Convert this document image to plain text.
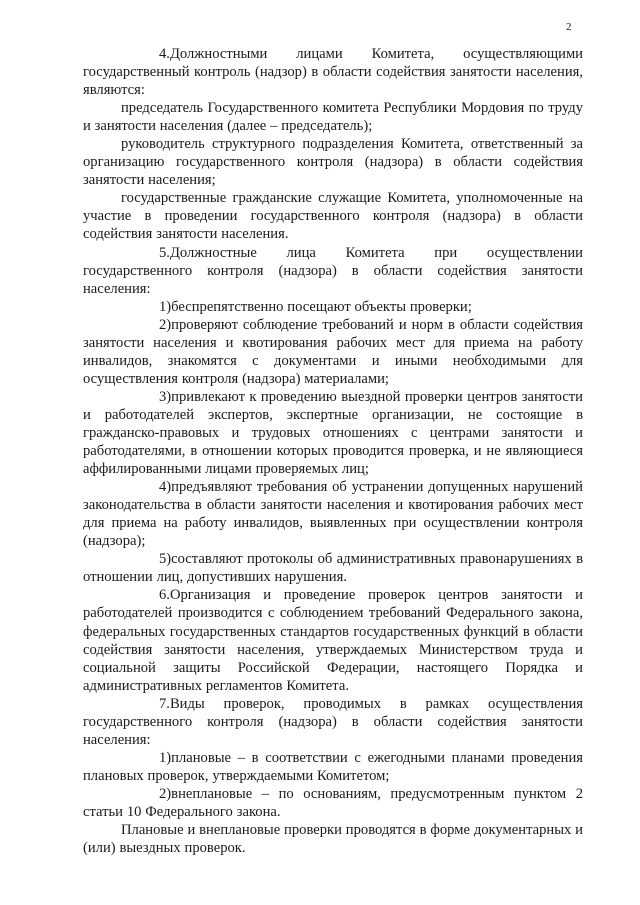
2

4.Должностными лицами Комитета, осуществляющими государственный контроль (надзор) в области содействия занятости населения, являются:

председатель Государственного комитета Республики Мордовия по труду и занятости населения (далее – председатель);

руководитель структурного подразделения Комитета, ответственный за организацию государственного контроля (надзора) в области содействия занятости населения;

государственные гражданские служащие Комитета, уполномоченные на участие в проведении государственного контроля (надзора) в области содействия занятости населения.

5.Должностные лица Комитета при осуществлении государственного контроля (надзора) в области содействия занятости населения:

1)беспрепятственно посещают объекты проверки;

2)проверяют соблюдение требований и норм в области содействия занятости населения и квотирования рабочих мест для приема на работу инвалидов, знакомятся с документами и иными необходимыми для осуществления контроля (надзора) материалами;

3)привлекают к проведению выездной проверки центров занятости и работодателей экспертов, экспертные организации, не состоящие в гражданско-правовых и трудовых отношениях с центрами занятости и работодателями, в отношении которых проводится проверка, и не являющиеся аффилированными лицами проверяемых лиц;

4)предъявляют требования об устранении допущенных нарушений законодательства в области занятости населения и квотирования рабочих мест для приема на работу инвалидов, выявленных при осуществлении контроля (надзора);

5)составляют протоколы об административных правонарушениях в отношении лиц, допустивших нарушения.

6.Организация и проведение проверок центров занятости и работодателей производится с соблюдением требований Федерального закона, федеральных государственных стандартов государственных функций в области содействия занятости населения, утверждаемых Министерством труда и социальной защиты Российской Федерации, настоящего Порядка и административных регламентов Комитета.

7.Виды проверок, проводимых в рамках осуществления государственного контроля (надзора) в области содействия занятости населения:

1)плановые – в соответствии с ежегодными планами проведения плановых проверок, утверждаемыми Комитетом;

2)внеплановые – по основаниям, предусмотренным пунктом 2 статьи 10 Федерального закона.

Плановые и внеплановые проверки проводятся в форме документарных и (или) выездных проверок.
